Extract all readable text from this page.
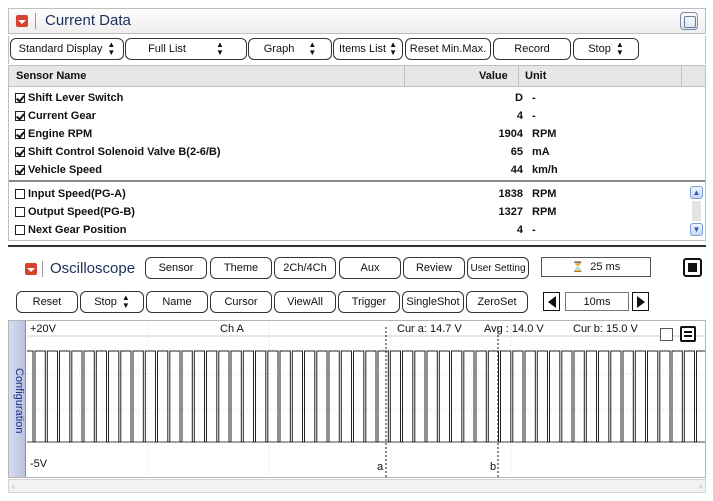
Current Data
Standard Display ▲
▼	Full List	▲
▼	Graph ▲
▼ Items List ▲
▼ Reset Min.Max.	Record	Stop ▲
▼
Sensor Name	Value Unit
Shift Lever Switch	D -
Current Gear	4 -
Engine RPM	1904 RPM
Shift Control Solenoid Valve B(2-6/B)	65 mA
Vehicle Speed	44 km/h
Input Speed(PG-A)	1838 RPM
Output Speed(PG-B)	1327 RPM
Next Gear Position	4 -
▲
▼
Oscilloscope	Sensor	Theme	2Ch/4Ch	Aux	Review	User Setting	⏳ 25 ms
Reset	Stop ▲
▼	Name	Cursor	ViewAll	Trigger	SingleShot	ZeroSet	10ms
Configuration
+20V	Ch A	Cur a: 14.7 V Avg : 14.0 V	Cur b: 15.0 V
-5V	a	b
‹	›
